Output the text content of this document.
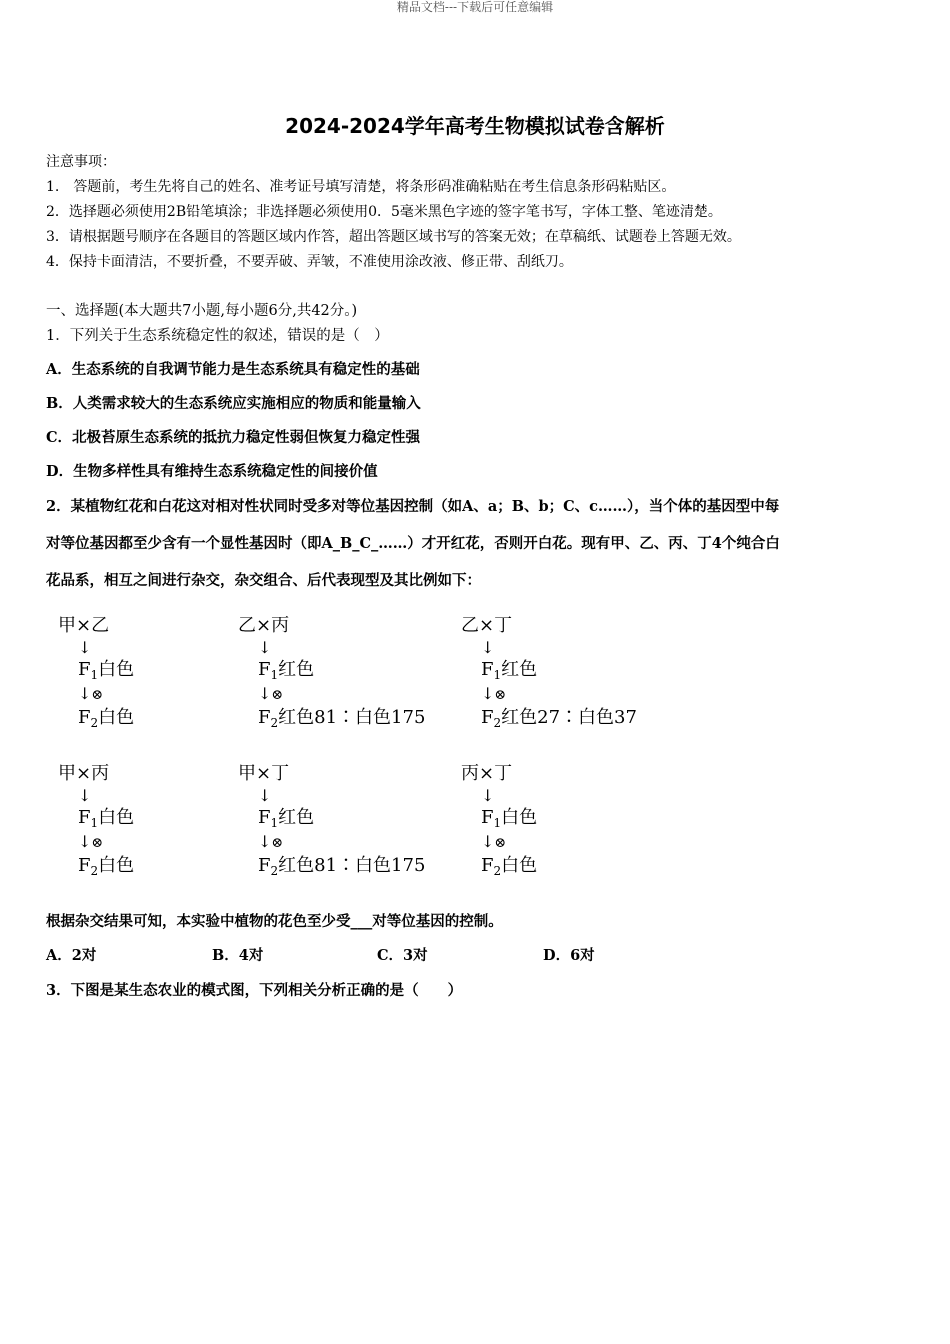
精品文档---下载后可任意编辑
2024-2024学年高考生物模拟试卷含解析
注意事项：
1.　答题前，考生先将自己的姓名、准考证号填写清楚，将条形码准确粘贴在考生信息条形码粘贴区。
2．选择题必须使用2B铅笔填涂；非选择题必须使用0．5毫米黑色字迹的签字笔书写，字体工整、笔迹清楚。
3．请根据题号顺序在各题目的答题区域内作答，超出答题区域书写的答案无效；在草稿纸、试题卷上答题无效。
4．保持卡面清洁，不要折叠，不要弄破、弄皱，不准使用涂改液、修正带、刮纸刀。
一、选择题(本大题共7小题,每小题6分,共42分。)
1．下列关于生态系统稳定性的叙述，错误的是（　）
A．生态系统的自我调节能力是生态系统具有稳定性的基础
B．人类需求较大的生态系统应实施相应的物质和能量输入
C．北极苔原生态系统的抵抗力稳定性弱但恢复力稳定性强
D．生物多样性具有维持生态系统稳定性的间接价值
2．某植物红花和白花这对相对性状同时受多对等位基因控制（如A、a；B、b；C、c……），当个体的基因型中每
对等位基因都至少含有一个显性基因时（即A_B_C_……）才开红花，否则开白花。现有甲、乙、丙、丁4个纯合白
花品系，相互之间进行杂交，杂交组合、后代表现型及其比例如下：
甲×乙
↓
$F_1$白色
↓⊗
$F_2$白色
乙×丙
↓
$F_1$红色
↓⊗
$F_2$红色81∶白色175
乙×丁
↓
$F_1$红色
↓⊗
$F_2$红色27∶白色37
甲×丙
↓
$F_1$白色
↓⊗
$F_2$白色
甲×丁
↓
$F_1$红色
↓⊗
$F_2$红色81∶白色175
丙×丁
↓
$F_1$白色
↓⊗
$F_2$白色
根据杂交结果可知，本实验中植物的花色至少受___对等位基因的控制。
A．2对	B．4对	C．3对	D．6对
3．下图是某生态农业的模式图，下列相关分析正确的是（　　）
